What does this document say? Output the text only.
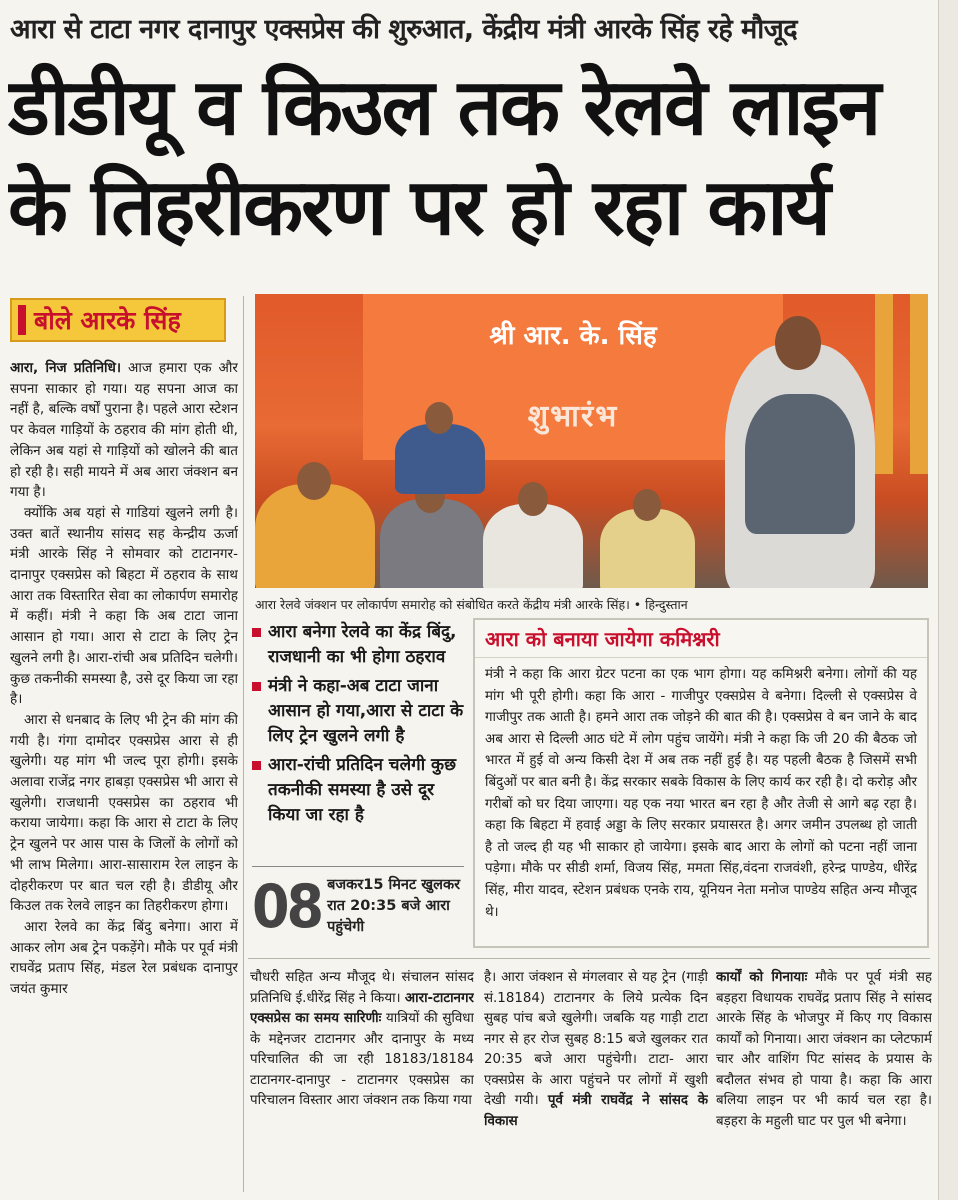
आरा से टाटा नगर दानापुर एक्सप्रेस की शुरुआत, केंद्रीय मंत्री आरके सिंह रहे मौजूद
डीडीयू व किउल तक रेलवे लाइन
के तिहरीकरण पर हो रहा कार्य

बोले आरके सिंह

आरा, निज प्रतिनिधि। आज हमारा एक और सपना साकार हो गया। यह सपना आज का नहीं है, बल्कि वर्षों पुराना है। पहले आरा स्टेशन पर केवल गाड़ियों के ठहराव की मांग होती थी, लेकिन अब यहां से गाड़ियों को खोलने की बात हो रही है। सही मायने में अब आरा जंक्शन बन गया है।

क्योंकि अब यहां से गाडियां खुलने लगी है। उक्त बातें स्थानीय सांसद सह केन्द्रीय ऊर्जा मंत्री आरके सिंह ने सोमवार को टाटानगर-दानापुर एक्सप्रेस को बिहटा में ठहराव के साथ आरा तक विस्तारित सेवा का लोकार्पण समारोह में कहीं। मंत्री ने कहा कि अब टाटा जाना आसान हो गया। आरा से टाटा के लिए ट्रेन खुलने लगी है। आरा-रांची अब प्रतिदिन चलेगी। कुछ तकनीकी समस्या है, उसे दूर किया जा रहा है।

आरा से धनबाद के लिए भी ट्रेन की मांग की गयी है। गंगा दामोदर एक्सप्रेस आरा से ही खुलेगी। यह मांग भी जल्द पूरा होगी। इसके अलावा राजेंद्र नगर हाबड़ा एक्सप्रेस भी आरा से खुलेगी। राजधानी एक्सप्रेस का ठहराव भी कराया जायेगा। कहा कि आरा से टाटा के लिए ट्रेन खुलने पर आस पास के जिलों के लोगों को भी लाभ मिलेगा। आरा-सासाराम रेल लाइन के दोहरीकरण पर बात चल रही है। डीडीयू और किउल तक रेलवे लाइन का तिहरीकरण होगा।

आरा रेलवे का केंद्र बिंदु बनेगा। आरा में आकर लोग अब ट्रेन पकड़ेंगे। मौके पर पूर्व मंत्री राघवेंद्र प्रताप सिंह, मंडल रेल प्रबंधक दानापुर जयंत कुमार

श्री आर. के. सिंह
शुभारंभ
आरा रेलवे जंक्शन पर लोकार्पण समारोह को संबोधित करते केंद्रीय मंत्री आरके सिंह। • हिन्दुस्तान
आरा बनेगा रेलवे का केंद्र बिंदु, राजधानी का भी होगा ठहराव
मंत्री ने कहा-अब टाटा जाना आसान हो गया,आरा से टाटा के लिए ट्रेन खुलने लगी है
आरा-रांची प्रतिदिन चलेगी कुछ तकनीकी समस्या है उसे दूर किया जा रहा है
08 बजकर15 मिनट खुलकर रात 20:35 बजे आरा पहुंचेगी
आरा को बनाया जायेगा कमिश्नरी
मंत्री ने कहा कि आरा ग्रेटर पटना का एक भाग होगा। यह कमिश्नरी बनेगा। लोगों की यह मांग भी पूरी होगी। कहा कि आरा - गाजीपुर एक्सप्रेस वे बनेगा। दिल्ली से एक्सप्रेस वे गाजीपुर तक आती है। हमने आरा तक जोड़ने की बात की है। एक्सप्रेस वे बन जाने के बाद अब आरा से दिल्ली आठ घंटे में लोग पहुंच जायेंगे। मंत्री ने कहा कि जी 20 की बैठक जो भारत में हुई वो अन्य किसी देश में अब तक नहीं हुई है। यह पहली बैठक है जिसमें सभी बिंदुओं पर बात बनी है। केंद्र सरकार सबके विकास के लिए कार्य कर रही है। दो करोड़ और गरीबों को घर दिया जाएगा। यह एक नया भारत बन रहा है और तेजी से आगे बढ़ रहा है। कहा कि बिहटा में हवाई अड्डा के लिए सरकार प्रयासरत है। अगर जमीन उपलब्ध हो जाती है तो जल्द ही यह भी साकार हो जायेगा। इसके बाद आरा के लोगों को पटना नहीं जाना पड़ेगा। मौके पर सीडी शर्मा, विजय सिंह, ममता सिंह,वंदना राजवंशी, हरेन्द्र पाण्डेय, धीरेंद्र सिंह, मीरा यादव, स्टेशन प्रबंधक एनके राय, यूनियन नेता मनोज पाण्डेय सहित अन्य मौजूद थे।
चौधरी सहित अन्य मौजूद थे। संचालन सांसद प्रतिनिधि ई.धीरेंद्र सिंह ने किया। आरा-टाटानगर एक्सप्रेस का समय सारिणीः यात्रियों की सुविधा के मद्देनजर टाटानगर और दानापुर के मध्य परिचालित की जा रही 18183/18184 टाटानगर-दानापुर - टाटानगर एक्सप्रेस का परिचालन विस्तार आरा जंक्शन तक किया गया
है। आरा जंक्शन से मंगलवार से यह ट्रेन (गाड़ी सं.18184) टाटानगर के लिये प्रत्येक दिन सुबह पांच बजे खुलेगी। जबकि यह गाड़ी टाटा नगर से हर रोज सुबह 8:15 बजे खुलकर रात 20:35 बजे आरा पहुंचेगी। टाटा- आरा एक्सप्रेस के आरा पहुंचने पर लोगों में खुशी देखी गयी। पूर्व मंत्री राघवेंद्र ने सांसद के विकास
कार्यों को गिनायाः मौके पर पूर्व मंत्री सह बड़हरा विधायक राघवेंद्र प्रताप सिंह ने सांसद आरके सिंह के भोजपुर में किए गए विकास कार्यों को गिनाया। आरा जंक्शन का प्लेटफार्म चार और वाशिंग पिट सांसद के प्रयास के बदौलत संभव हो पाया है। कहा कि आरा बलिया लाइन पर भी कार्य चल रहा है। बड़हरा के महुली घाट पर पुल भी बनेगा।
